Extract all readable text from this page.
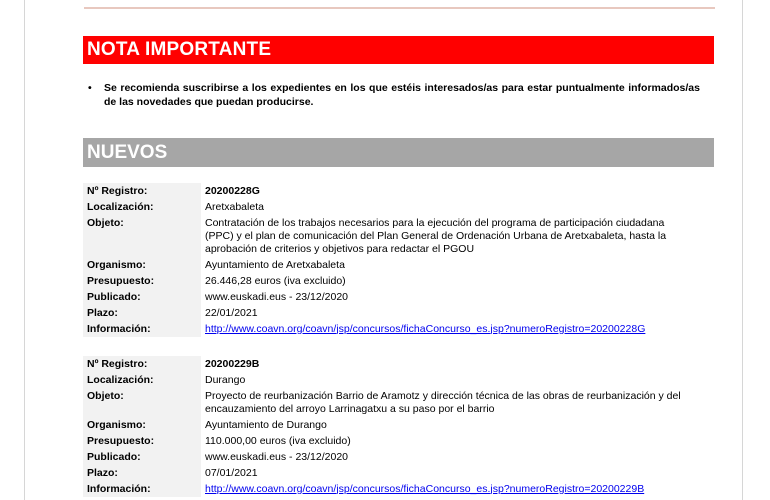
NOTA IMPORTANTE
• Se recomienda suscribirse a los expedientes en los que estéis interesados/as para estar puntualmente informados/as de las novedades que puedan producirse.
NUEVOS
Nº Registro:	20200228G
Localización:	Aretxabaleta
Objeto:	Contratación de los trabajos necesarios para la ejecución del programa de participación ciudadana (PPC) y el plan de comunicación del Plan General de Ordenación Urbana de Aretxabaleta, hasta la aprobación de criterios y objetivos para redactar el PGOU
Organismo:	Ayuntamiento de Aretxabaleta
Presupuesto:	26.446,28 euros (iva excluido)
Publicado:	www.euskadi.eus - 23/12/2020
Plazo:	22/01/2021
Información:	http://www.coavn.org/coavn/jsp/concursos/fichaConcurso_es.jsp?numeroRegistro=20200228G
Nº Registro:	20200229B
Localización:	Durango
Objeto:	Proyecto de reurbanización Barrio de Aramotz y dirección técnica de las obras de reurbanización y del encauzamiento del arroyo Larrinagatxu a su paso por el barrio
Organismo:	Ayuntamiento de Durango
Presupuesto:	110.000,00 euros (iva excluido)
Publicado:	www.euskadi.eus - 23/12/2020
Plazo:	07/01/2021
Información:	http://www.coavn.org/coavn/jsp/concursos/fichaConcurso_es.jsp?numeroRegistro=20200229B
